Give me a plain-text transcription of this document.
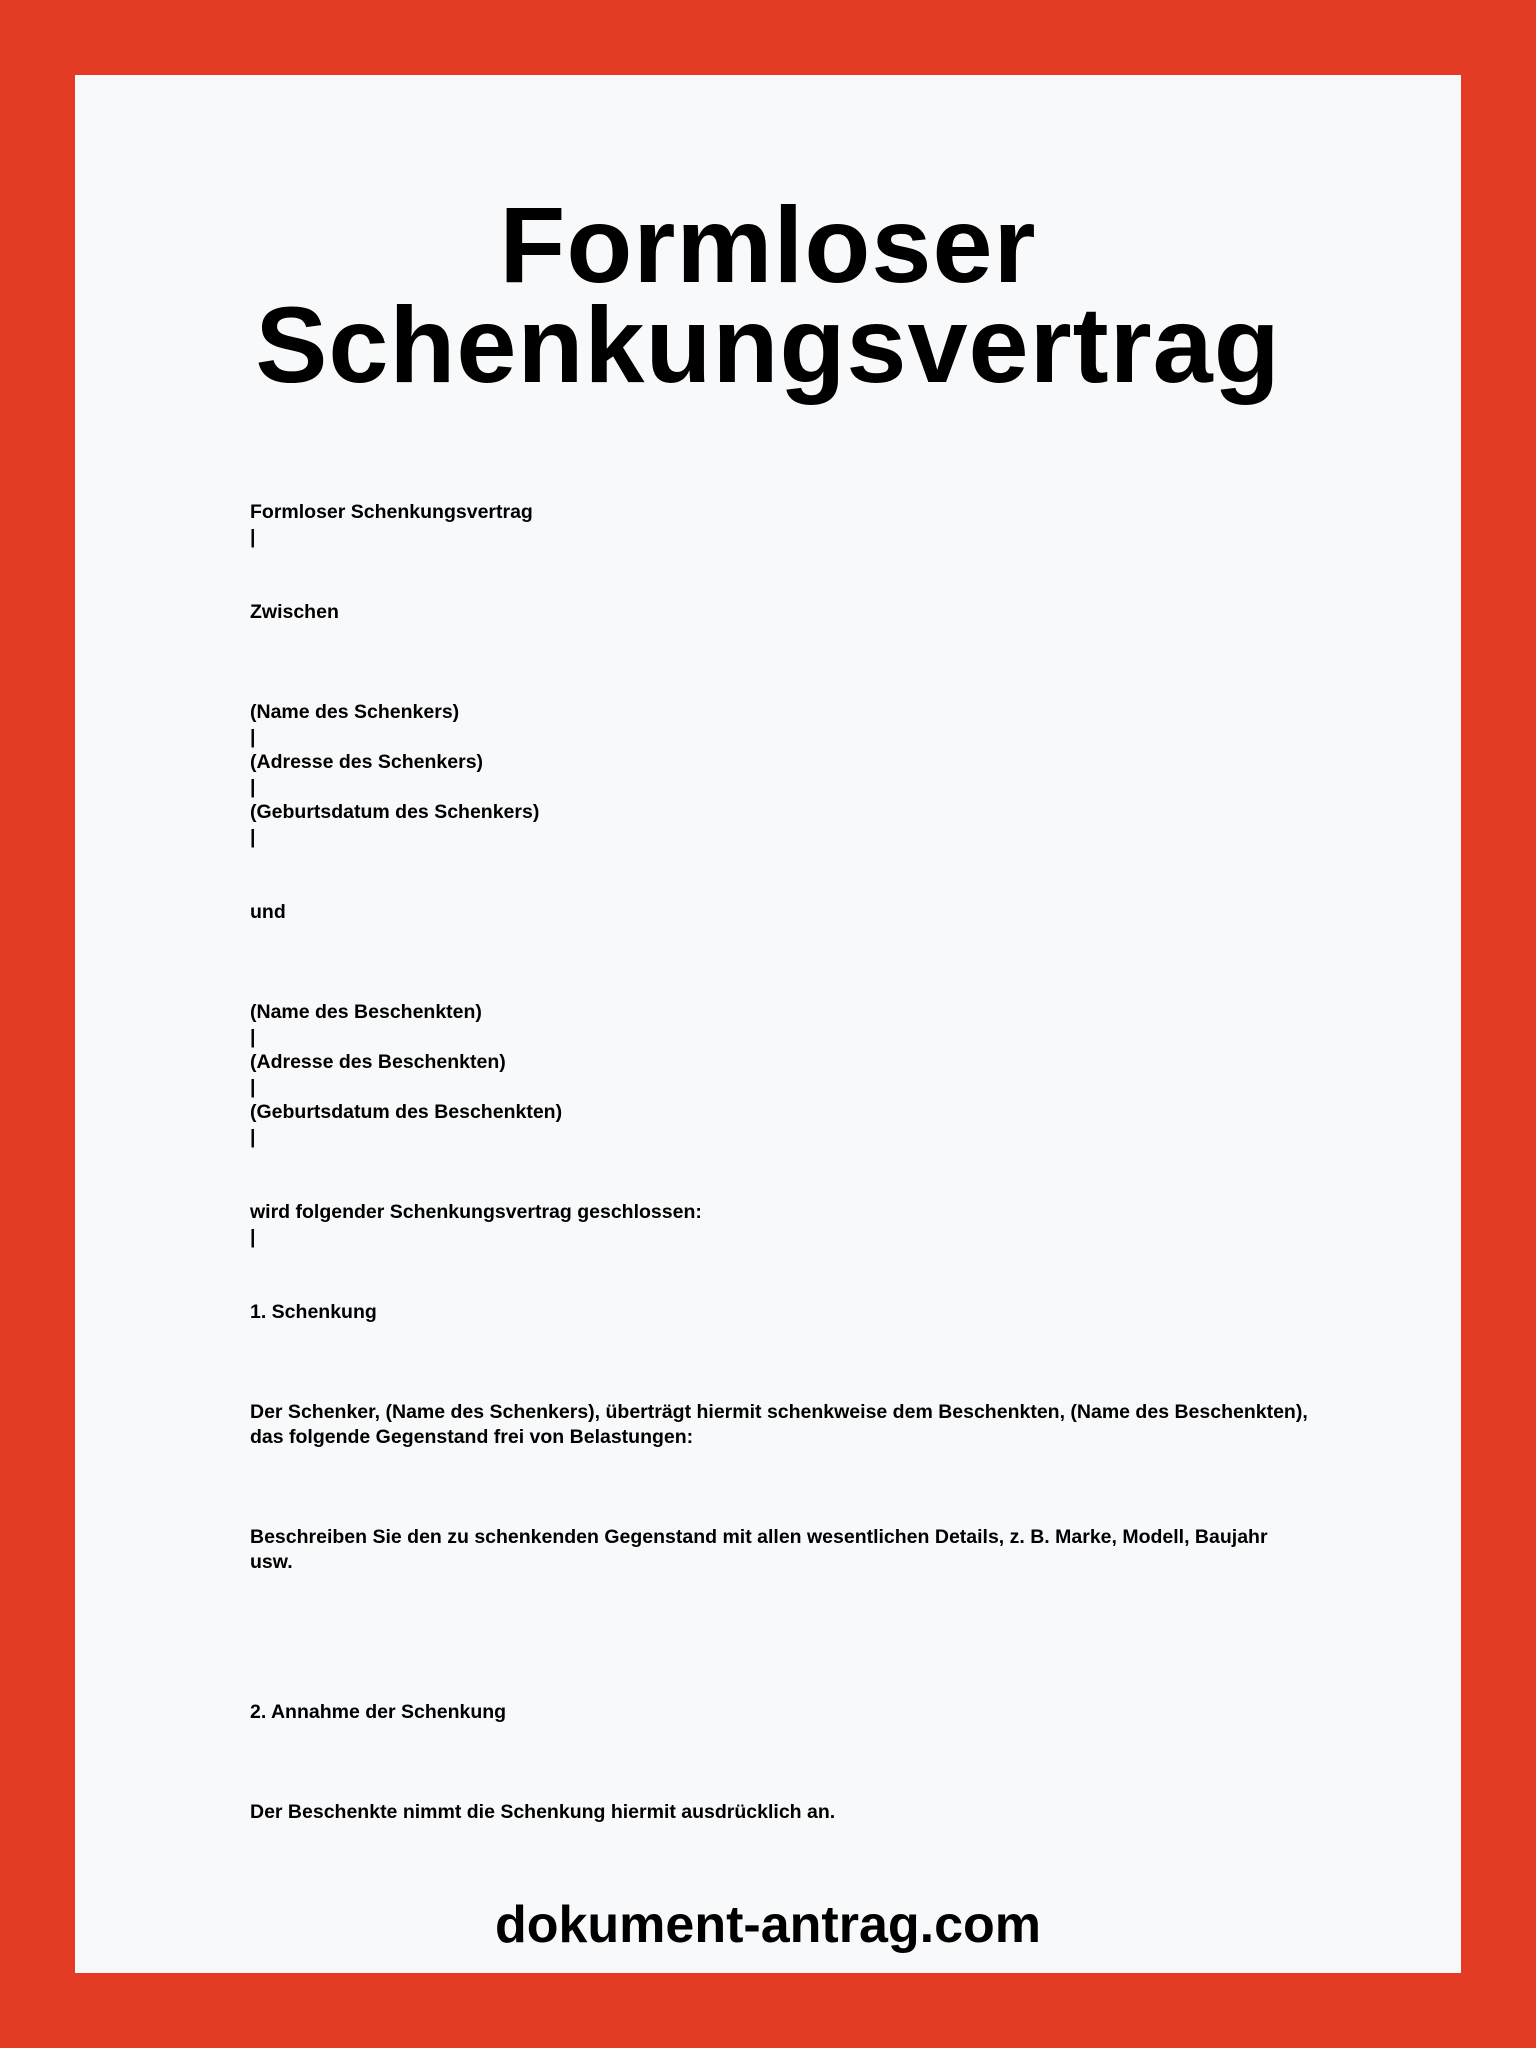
Formloser
Schenkungsvertrag
Formloser Schenkungsvertrag
|
Zwischen
(Name des Schenkers)
|
(Adresse des Schenkers)
|
(Geburtsdatum des Schenkers)
|
und
(Name des Beschenkten)
|
(Adresse des Beschenkten)
|
(Geburtsdatum des Beschenkten)
|
wird folgender Schenkungsvertrag geschlossen:
|
1. Schenkung
Der Schenker, (Name des Schenkers), überträgt hiermit schenkweise dem Beschenkten, (Name des Beschenkten), das folgende Gegenstand frei von Belastungen:
Beschreiben Sie den zu schenkenden Gegenstand mit allen wesentlichen Details, z. B. Marke, Modell, Baujahr usw.
2. Annahme der Schenkung
Der Beschenkte nimmt die Schenkung hiermit ausdrücklich an.
dokument-antrag.com
